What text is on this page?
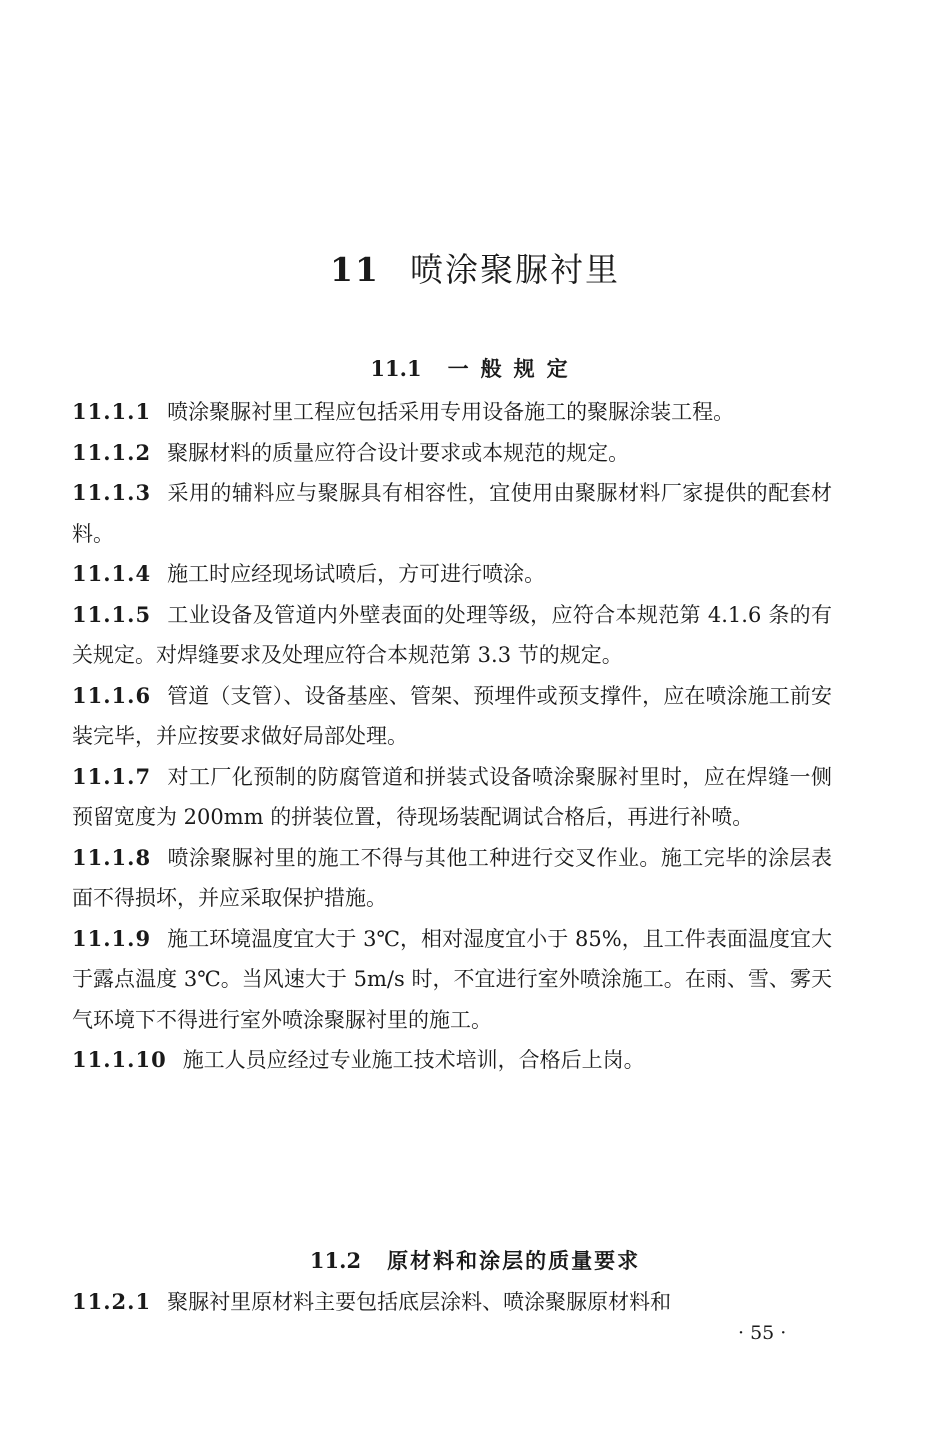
11 喷涂聚脲衬里
11.1 一般规定

11.1.1 喷涂聚脲衬里工程应包括采用专用设备施工的聚脲涂装工程。

11.1.2 聚脲材料的质量应符合设计要求或本规范的规定。

11.1.3 采用的辅料应与聚脲具有相容性，宜使用由聚脲材料厂家提供的配套材料。

11.1.4 施工时应经现场试喷后，方可进行喷涂。

11.1.5 工业设备及管道内外壁表面的处理等级，应符合本规范第 4.1.6 条的有关规定。对焊缝要求及处理应符合本规范第 3.3 节的规定。

11.1.6 管道（支管）、设备基座、管架、预埋件或预支撑件，应在喷涂施工前安装完毕，并应按要求做好局部处理。

11.1.7 对工厂化预制的防腐管道和拼装式设备喷涂聚脲衬里时，应在焊缝一侧预留宽度为 200mm 的拼装位置，待现场装配调试合格后，再进行补喷。

11.1.8 喷涂聚脲衬里的施工不得与其他工种进行交叉作业。施工完毕的涂层表面不得损坏，并应采取保护措施。

11.1.9 施工环境温度宜大于 3℃，相对湿度宜小于 85%，且工件表面温度宜大于露点温度 3℃。当风速大于 5m/s 时，不宜进行室外喷涂施工。在雨、雪、雾天气环境下不得进行室外喷涂聚脲衬里的施工。

11.1.10 施工人员应经过专业施工技术培训，合格后上岗。

11.2 原材料和涂层的质量要求

11.2.1 聚脲衬里原材料主要包括底层涂料、喷涂聚脲原材料和

· 55 ·
